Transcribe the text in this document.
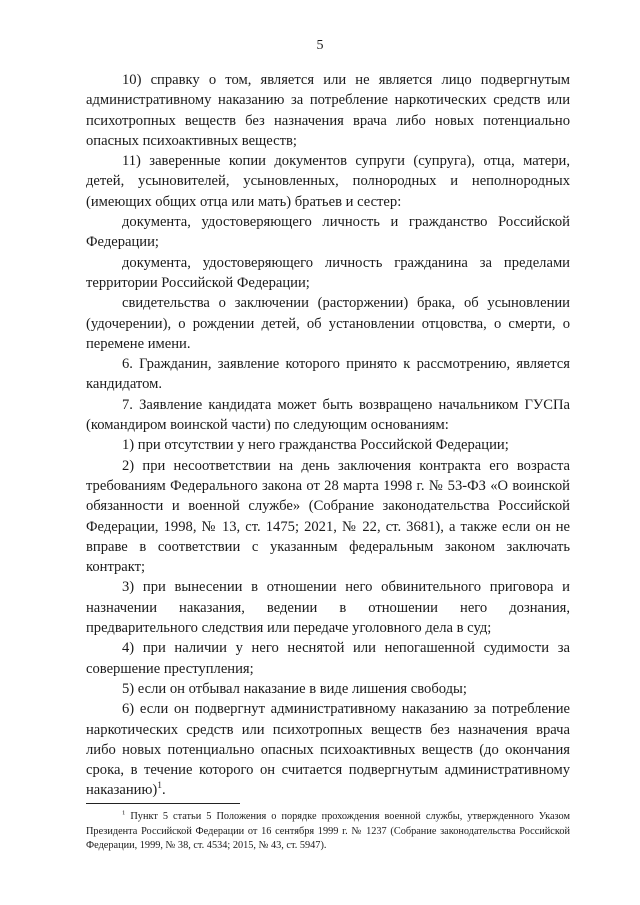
5

10) справку о том, является или не является лицо подвергнутым административному наказанию за потребление наркотических средств или психотропных веществ без назначения врача либо новых потенциально опасных психоактивных веществ;

11) заверенные копии документов супруги (супруга), отца, матери, детей, усыновителей, усыновленных, полнородных и неполнородных (имеющих общих отца или мать) братьев и сестер:

документа, удостоверяющего личность и гражданство Российской Федерации;

документа, удостоверяющего личность гражданина за пределами территории Российской Федерации;

свидетельства о заключении (расторжении) брака, об усыновлении (удочерении), о рождении детей, об установлении отцовства, о смерти, о перемене имени.

6. Гражданин, заявление которого принято к рассмотрению, является кандидатом.

7. Заявление кандидата может быть возвращено начальником ГУСПа (командиром воинской части) по следующим основаниям:

1) при отсутствии у него гражданства Российской Федерации;

2) при несоответствии на день заключения контракта его возраста требованиям Федерального закона от 28 марта 1998 г. № 53-ФЗ «О воинской обязанности и военной службе» (Собрание законодательства Российской Федерации, 1998, № 13, ст. 1475; 2021, № 22, ст. 3681), а также если он не вправе в соответствии с указанным федеральным законом заключать контракт;

3) при вынесении в отношении него обвинительного приговора и назначении наказания, ведении в отношении него дознания, предварительного следствия или передаче уголовного дела в суд;

4) при наличии у него неснятой или непогашенной судимости за совершение преступления;

5) если он отбывал наказание в виде лишения свободы;

6) если он подвергнут административному наказанию за потребление наркотических средств или психотропных веществ без назначения врача либо новых потенциально опасных психоактивных веществ (до окончания срока, в течение которого он считается подвергнутым административному наказанию)$^1$.

$^1$ Пункт 5 статьи 5 Положения о порядке прохождения военной службы, утвержденного Указом Президента Российской Федерации от 16 сентября 1999 г. № 1237 (Собрание законодательства Российской Федерации, 1999, № 38, ст. 4534; 2015, № 43, ст. 5947).
